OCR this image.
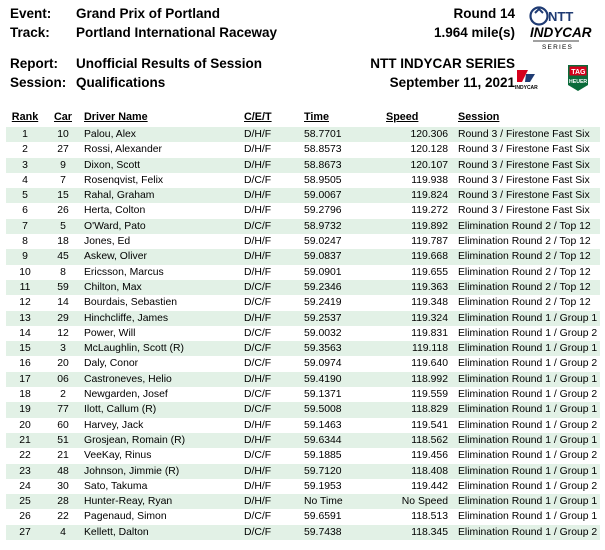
Event: Grand Prix of Portland
Track: Portland International Raceway
Round 14
1.964 mile(s)
Report: Unofficial Results of Session
Session: Qualifications
NTT INDYCAR SERIES
September 11, 2021
NTT
INDYCAR
SERIES
INDYCAR
TAG
HEUER
Rank	Car	Driver Name	C/E/T	Time	Speed	Session
1	10	Palou, Alex	D/H/F	58.7701	120.306	Round 3 / Firestone Fast Six
2	27	Rossi, Alexander	D/H/F	58.8573	120.128	Round 3 / Firestone Fast Six
3	9	Dixon, Scott	D/H/F	58.8673	120.107	Round 3 / Firestone Fast Six
4	7	Rosenqvist, Felix	D/C/F	58.9505	119.938	Round 3 / Firestone Fast Six
5	15	Rahal, Graham	D/H/F	59.0067	119.824	Round 3 / Firestone Fast Six
6	26	Herta, Colton	D/H/F	59.2796	119.272	Round 3 / Firestone Fast Six
7	5	O'Ward, Pato	D/C/F	58.9732	119.892	Elimination Round 2 / Top 12
8	18	Jones, Ed	D/H/F	59.0247	119.787	Elimination Round 2 / Top 12
9	45	Askew, Oliver	D/H/F	59.0837	119.668	Elimination Round 2 / Top 12
10	8	Ericsson, Marcus	D/H/F	59.0901	119.655	Elimination Round 2 / Top 12
11	59	Chilton, Max	D/C/F	59.2346	119.363	Elimination Round 2 / Top 12
12	14	Bourdais, Sebastien	D/C/F	59.2419	119.348	Elimination Round 2 / Top 12
13	29	Hinchcliffe, James	D/H/F	59.2537	119.324	Elimination Round 1 / Group 1
14	12	Power, Will	D/C/F	59.0032	119.831	Elimination Round 1 / Group 2
15	3	McLaughlin, Scott (R)	D/C/F	59.3563	119.118	Elimination Round 1 / Group 1
16	20	Daly, Conor	D/C/F	59.0974	119.640	Elimination Round 1 / Group 2
17	06	Castroneves, Helio	D/H/F	59.4190	118.992	Elimination Round 1 / Group 1
18	2	Newgarden, Josef	D/C/F	59.1371	119.559	Elimination Round 1 / Group 2
19	77	Ilott, Callum (R)	D/C/F	59.5008	118.829	Elimination Round 1 / Group 1
20	60	Harvey, Jack	D/H/F	59.1463	119.541	Elimination Round 1 / Group 2
21	51	Grosjean, Romain (R)	D/H/F	59.6344	118.562	Elimination Round 1 / Group 1
22	21	VeeKay, Rinus	D/C/F	59.1885	119.456	Elimination Round 1 / Group 2
23	48	Johnson, Jimmie (R)	D/H/F	59.7120	118.408	Elimination Round 1 / Group 1
24	30	Sato, Takuma	D/H/F	59.1953	119.442	Elimination Round 1 / Group 2
25	28	Hunter-Reay, Ryan	D/H/F	No Time	No Speed	Elimination Round 1 / Group 1
26	22	Pagenaud, Simon	D/C/F	59.6591	118.513	Elimination Round 1 / Group 1
27	4	Kellett, Dalton	D/C/F	59.7438	118.345	Elimination Round 1 / Group 2
